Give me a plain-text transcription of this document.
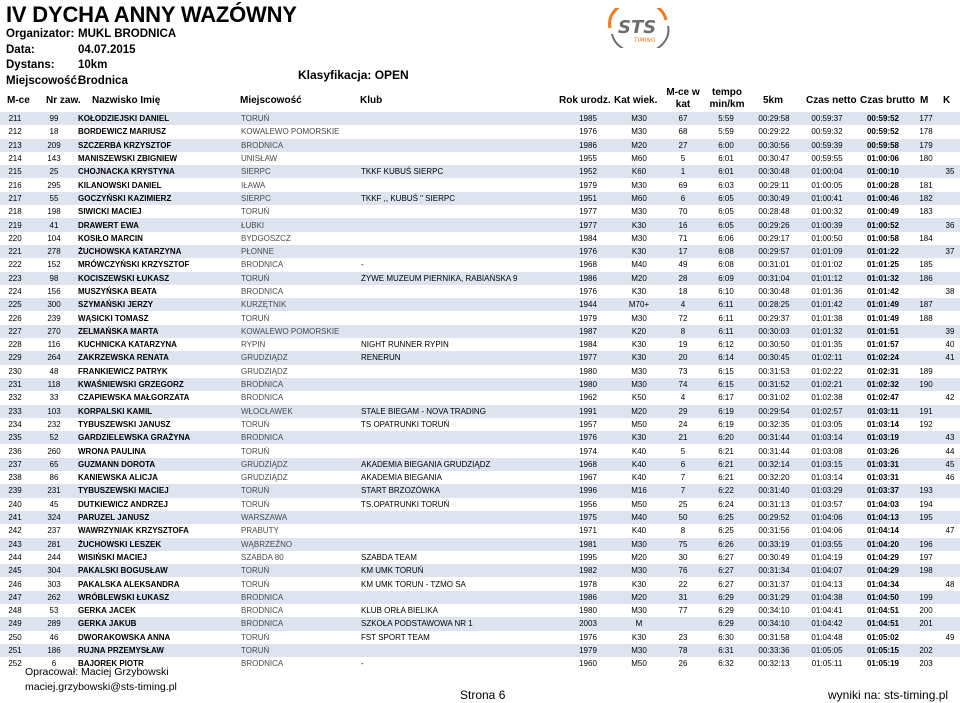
IV DYCHA ANNY WAZÓWNY
Organizator: MUKL BRODNICA
Data:	04.07.2015
Dystans:	10km
Miejscowość:
Brodnica	Klasyfikacja: OPEN
STS
TIMING
M-ce Nr zaw. Nazwisko Imię	Miejscowość	Klub	Rok urodz. Kat wiek.
M-ce w
kat
tempo
min/km	5km Czas netto Czas brutto M K
211	99	KOŁODZIEJSKI DANIEL	TORUŃ		1985	M30	67	5:59	00:29:58	00:59:37	00:59:52	177	
212	18	BORDEWICZ MARIUSZ	KOWALEWO POMORSKIE		1976	M30	68	5:59	00:29:22	00:59:32	00:59:52	178	
213	209	SZCZERBA KRZYSZTOF	BRODNICA		1986	M20	27	6:00	00:30:56	00:59:39	00:59:58	179	
214	143	MANISZEWSKI ZBIGNIEW	UNISŁAW		1955	M60	5	6:01	00:30:47	00:59:55	01:00:06	180	
215	25	CHOJNACKA KRYSTYNA	SIERPC	TKKF KUBUŚ SIERPC	1952	K60	1	6:01	00:30:48	01:00:04	01:00:10		35
216	295	KILANOWSKI DANIEL	IŁAWA		1979	M30	69	6:03	00:29:11	01:00:05	01:00:28	181	
217	55	GOCZYŃSKI KAZIMIERZ	SIERPC	TKKF ,, KUBUŚ " SIERPC	1951	M60	6	6:05	00:30:49	01:00:41	01:00:46	182	
218	198	SIWICKI MACIEJ	TORUŃ		1977	M30	70	6:05	00:28:48	01:00:32	01:00:49	183	
219	41	DRAWERT EWA	ŁUBKI		1977	K30	16	6:05	00:29:26	01:00:39	01:00:52		36
220	104	KOSIŁO MARCIN	BYDGOSZCZ		1984	M30	71	6:06	00:29:17	01:00:50	01:00:58	184	
221	278	ŻUCHOWSKA KATARZYNA	PŁONNE		1976	K30	17	6:08	00:29:57	01:01:09	01:01:22		37
222	152	MRÓWCZYŃSKI KRZYSZTOF	BRODNICA	-	1968	M40	49	6:08	00:31:01	01:01:02	01:01:25	185	
223	98	KOCISZEWSKI ŁUKASZ	TORUŃ	ŻYWE MUZEUM PIERNIKA, RABIAŃSKA 9	1986	M20	28	6:09	00:31:04	01:01:12	01:01:32	186	
224	156	MUSZYŃSKA BEATA	BRODNICA		1976	K30	18	6:10	00:30:48	01:01:36	01:01:42		38
225	300	SZYMAŃSKI JERZY	KURZĘTNIK		1944	M70+	4	6:11	00:28:25	01:01:42	01:01:49	187	
226	239	WĄSICKI TOMASZ	TORUŃ		1979	M30	72	6:11	00:29:37	01:01:38	01:01:49	188	
227	270	ZELMAŃSKA MARTA	KOWALEWO POMORSKIE		1987	K20	8	6:11	00:30:03	01:01:32	01:01:51		39
228	116	KUCHNICKA KATARZYNA	RYPIN	NIGHT RUNNER RYPIN	1984	K30	19	6:12	00:30:50	01:01:35	01:01:57		40
229	264	ZAKRZEWSKA RENATA	GRUDZIĄDZ	RENERUN	1977	K30	20	6:14	00:30:45	01:02:11	01:02:24		41
230	48	FRANKIEWICZ PATRYK	GRUDZIĄDZ		1980	M30	73	6:15	00:31:53	01:02:22	01:02:31	189	
231	118	KWAŚNIEWSKI GRZEGORZ	BRODNICA		1980	M30	74	6:15	00:31:52	01:02:21	01:02:32	190	
232	33	CZAPIEWSKA MAŁGORZATA	BRODNICA		1962	K50	4	6:17	00:31:02	01:02:38	01:02:47		42
233	103	KORPALSKI KAMIL	WŁOCŁAWEK	STALE BIEGAM - NOVA TRADING	1991	M20	29	6:19	00:29:54	01:02:57	01:03:11	191	
234	232	TYBUSZEWSKI JANUSZ	TORUŃ	TS OPATRUNKI TORUŃ	1957	M50	24	6:19	00:32:35	01:03:05	01:03:14	192	
235	52	GARDZIELEWSKA GRAŻYNA	BRODNICA		1976	K30	21	6:20	00:31:44	01:03:14	01:03:19		43
236	260	WRONA PAULINA	TORUŃ		1974	K40	5	6:21	00:31:44	01:03:08	01:03:26		44
237	65	GUZMANN DOROTA	GRUDZIĄDZ	AKADEMIA BIEGANIA GRUDZIĄDZ	1968	K40	6	6:21	00:32:14	01:03:15	01:03:31		45
238	86	KANIEWSKA ALICJA	GRUDZIĄDZ	AKADEMIA BIEGANIA	1967	K40	7	6:21	00:32:20	01:03:14	01:03:31		46
239	231	TYBUSZEWSKI MACIEJ	TORUŃ	START BRZOZÓWKA	1996	M16	7	6:22	00:31:40	01:03:29	01:03:37	193	
240	45	DUTKIEWICZ ANDRZEJ	TORUŃ	TS.OPATRUNKI TORUŃ	1956	M50	25	6:24	00:31:13	01:03:57	01:04:03	194	
241	324	PARUZEL JANUSZ	WARSZAWA		1975	M40	50	6:25	00:29:52	01:04:06	01:04:13	195	
242	237	WAWRZYNIAK KRZYSZTOFA	PRABUTY		1971	K40	8	6:25	00:31:56	01:04:06	01:04:14		47
243	281	ŻUCHOWSKI LESZEK	WĄBRZEŹNO		1981	M30	75	6:26	00:33:19	01:03:55	01:04:20	196	
244	244	WISIŃSKI MACIEJ	SZABDA 80	SZABDA TEAM	1995	M20	30	6:27	00:30:49	01:04:19	01:04:29	197	
245	304	PAKALSKI BOGUSŁAW	TORUŃ	KM UMK TORUŃ	1982	M30	76	6:27	00:31:34	01:04:07	01:04:29	198	
246	303	PAKALSKA ALEKSANDRA	TORUŃ	KM UMK TORUN - TZMO SA	1978	K30	22	6:27	00:31:37	01:04:13	01:04:34		48
247	262	WRÓBLEWSKI ŁUKASZ	BRODNICA		1986	M20	31	6:29	00:31:29	01:04:38	01:04:50	199	
248	53	GERKA JACEK	BRODNICA	KLUB ORŁA BIELIKA	1980	M30	77	6:29	00:34:10	01:04:41	01:04:51	200	
249	289	GERKA JAKUB	BRODNICA	SZKOŁA PODSTAWOWA NR 1	2003	M		6:29	00:34:10	01:04:42	01:04:51	201	
250	46	DWORAKOWSKA ANNA	TORUŃ	FST SPORT TEAM	1976	K30	23	6:30	00:31:58	01:04:48	01:05:02		49
251	186	RUJNA PRZEMYSŁAW	TORUŃ		1979	M30	78	6:31	00:33:36	01:05:05	01:05:15	202	
252	6	BAJOREK PIOTR	BRODNICA	-	1960	M50	26	6:32	00:32:13	01:05:11	01:05:19	203	
Opracował: Maciej Grzybowski
maciej.grzybowski@sts-timing.pl
Strona 6	wyniki na: sts-timing.pl
